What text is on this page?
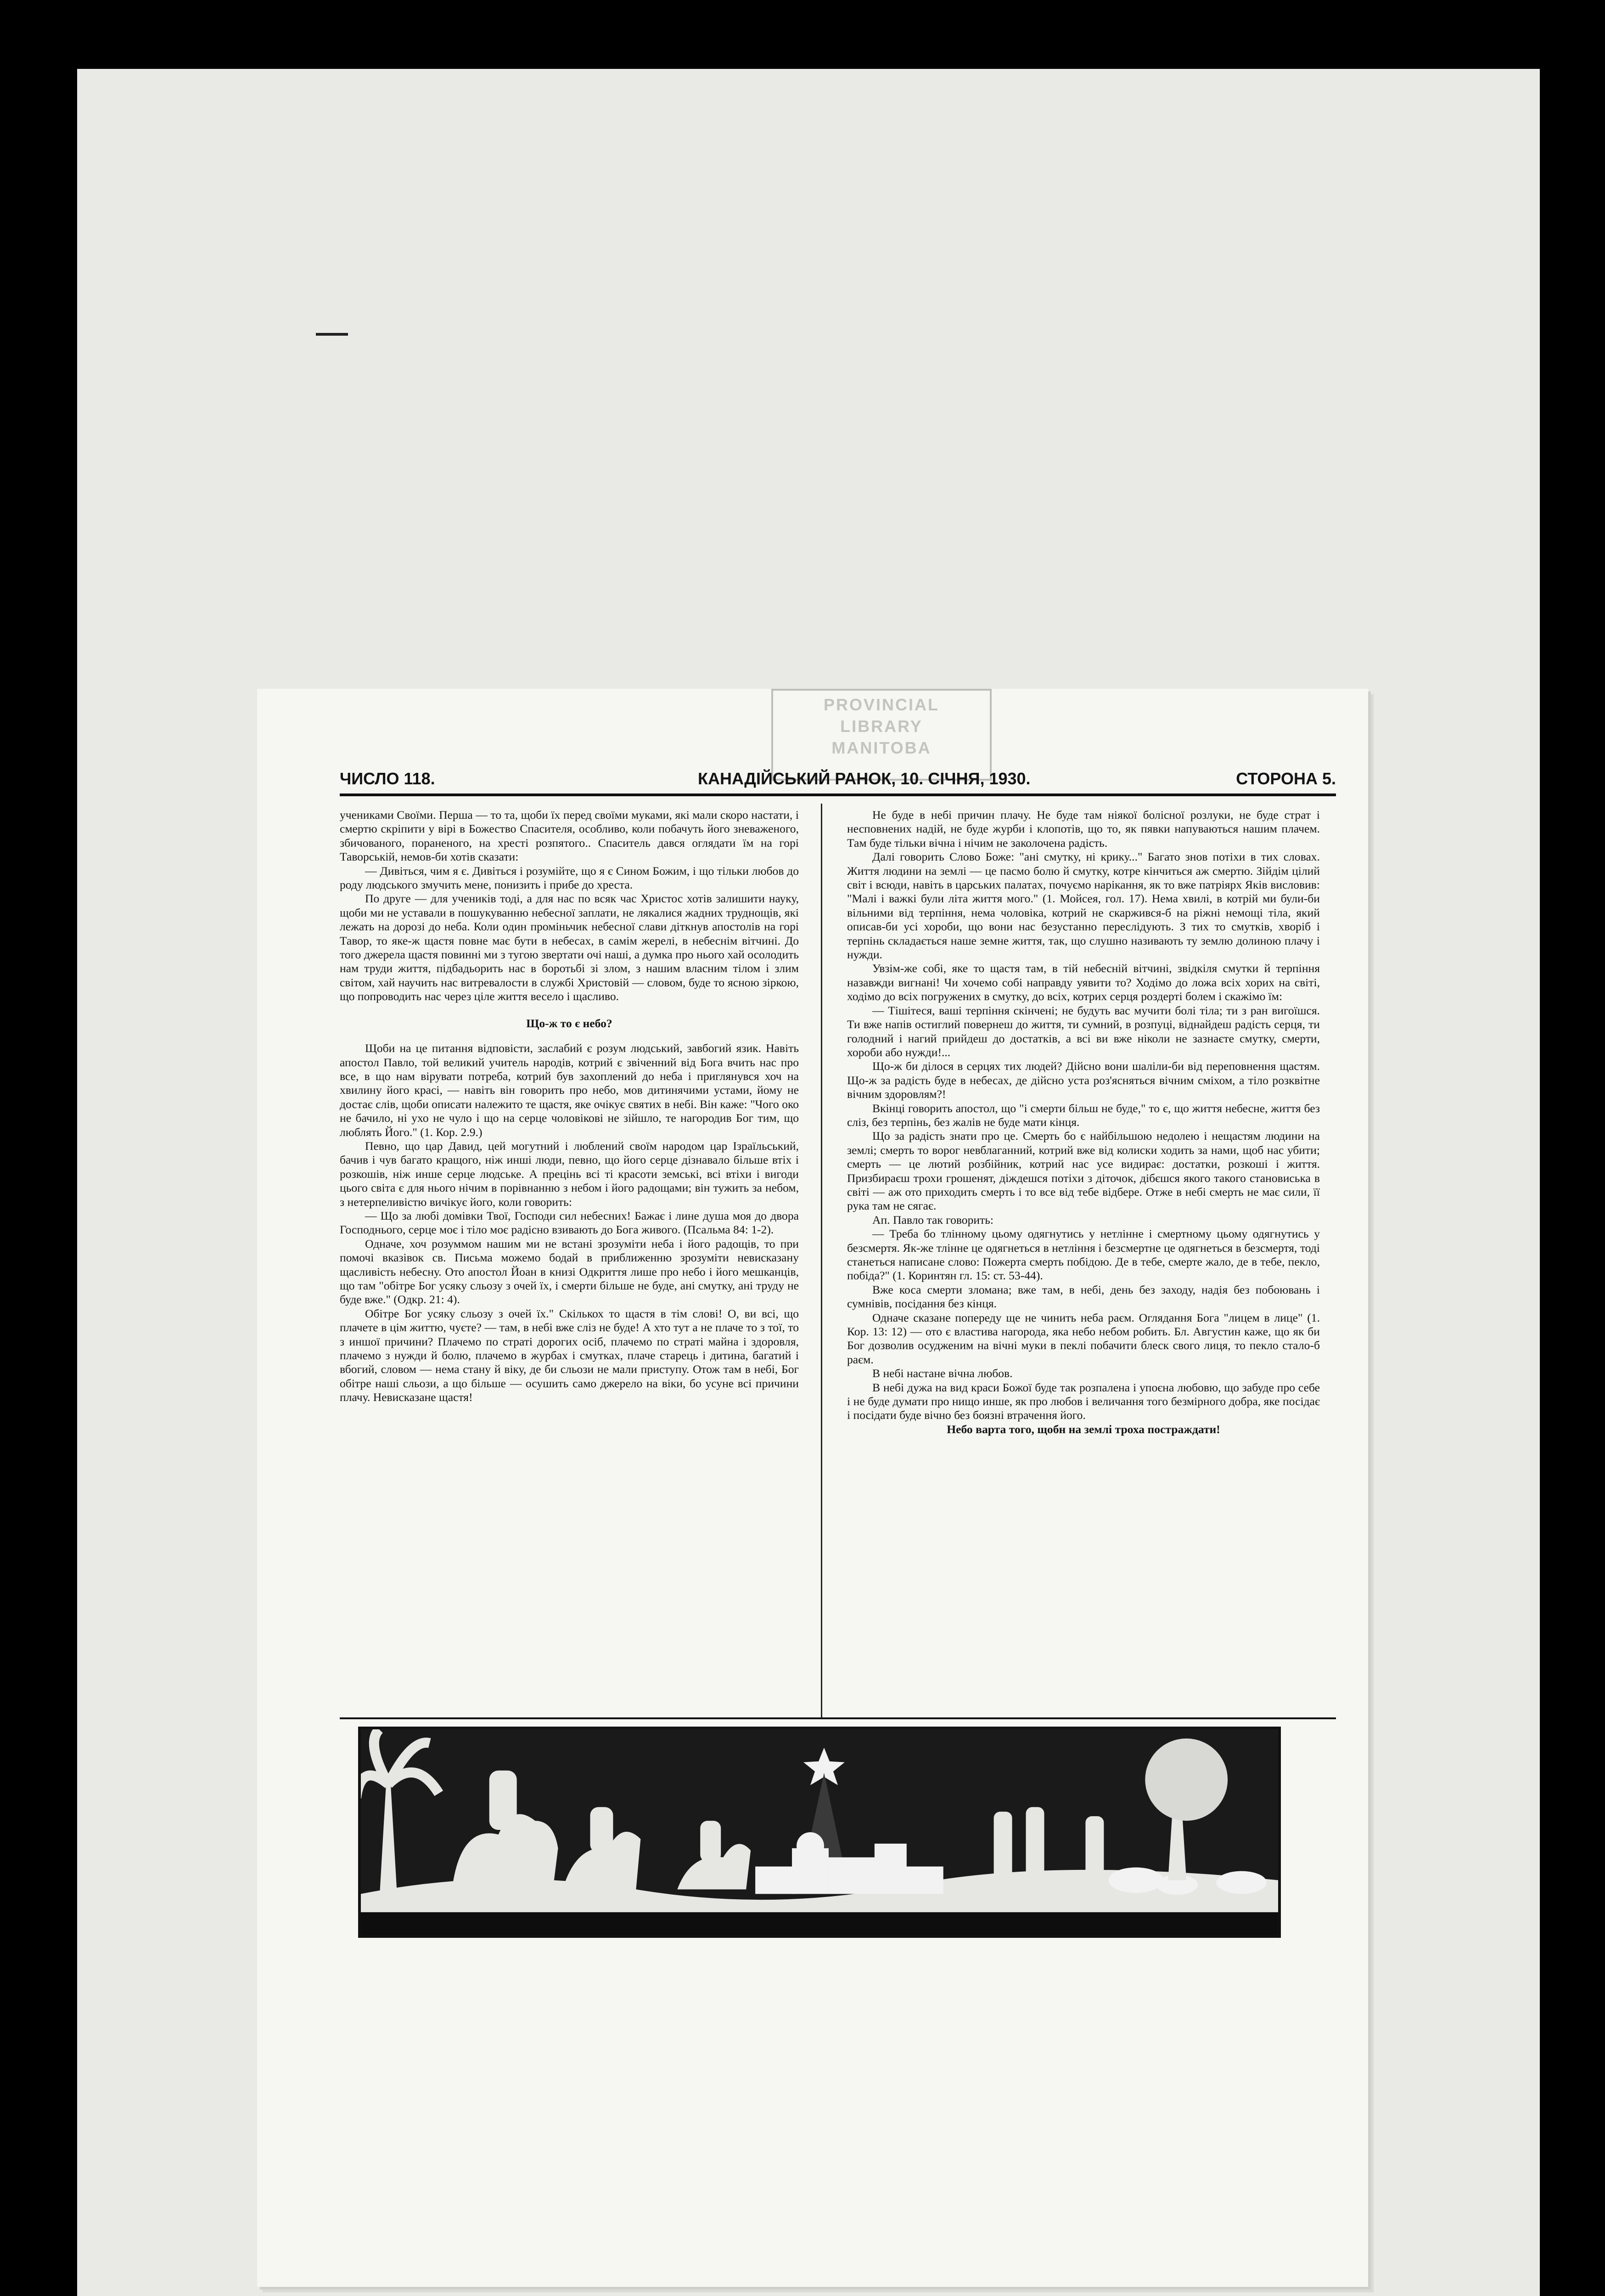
PROVINCIAL
LIBRARY
MANITOBA
ЧИСЛО 118.	КАНАДІЙСЬКИЙ РАНОК, 10. СІЧНЯ, 1930.	СТОРОНА 5.

учениками Своїми. Перша — то та, щоби їх перед своїми муками, які мали скоро настати, і смертю скріпити у вірі в Божество Спасителя, особливо, коли побачуть його зневаженого, збичованого, пораненого, на хресті розпятого.. Спаситель дався оглядати їм на горі Таворській, немов-би хотів сказати:

— Дивіться, чим я є. Дивіться і розумійте, що я є Сином Божим, і що тільки любов до роду людського змучить мене, понизить і прибе до хреста.

По друге — для учеників тоді, а для нас по всяк час Христос хотів залишити науку, щоби ми не уставали в пошукуванню небесної заплати, не лякалися жадних труднощів, які лежать на дорозі до неба. Коли один проміньчик небесної слави діткнув апостолів на горі Тавор, то яке-ж щастя повне має бути в небесах, в самім жерелі, в небеснім вітчині. До того джерела щастя повинні ми з тугою звертати очі наші, а думка про нього хай осолодить нам труди життя, підбадьорить нас в боротьбі зі злом, з нашим власним тілом і злим світом, хай научить нас витревалости в службі Христовій — словом, буде то ясною зіркою, що попроводить нас через ціле життя весело і щасливо.

Що-ж то є небо?

Щоби на це питання відповісти, заслабий є розум людський, завбогий язик. Навіть апостол Павло, той великий учитель народів, котрий є звіченний від Бога вчить нас про все, в що нам вірувати потреба, котрий був захоплений до неба і приглянувся хоч на хвилину його красі, — навіть він говорить про небо, мов дитинячими устами, йому не достає слів, щоби описати належито те щастя, яке очікує святих в небі. Він каже: "Чого око не бачило, ні ухо не чуло і що на серце чоловікові не зійшло, те нагородив Бог тим, що люблять Його." (1. Кор. 2.9.)

Певно, що цар Давид, цей могутний і люблений своїм народом цар Ізраїльський, бачив і чув багато кращого, ніж инші люди, певно, що його серце дізнавало більше втіх і розкошів, ніж инше серце людське. А прецінь всі ті красоти земські, всі втіхи і вигоди цього світа є для нього нічим в порівнанню з небом і його радощами; він тужить за небом, з нетерпеливістю вичікує його, коли говорить:

— Що за любі домівки Твої, Господи сил небесних! Бажає і лине душа моя до двора Господнього, серце моє і тіло моє радісно взивають до Бога живого. (Псальма 84: 1-2).

Одначе, хоч розуммом нашим ми не встані зрозуміти неба і його радощів, то при помочі вказівок св. Письма можемо бодай в приближенню зрозуміти невисказану щасливість небесну. Ото апостол Йоан в книзі Одкриття лише про небо і його мешканців, що там "обітре Бог усяку сльозу з очей їх, і смерти більше не буде, ані смутку, ані труду не буде вже." (Одкр. 21: 4).

Обітре Бог усяку сльозу з очей їх." Скількох то щастя в тім слові! О, ви всі, що плачете в цім життю, чуєте? — там, в небі вже сліз не буде! А хто тут а не плаче то з тої, то з иншої причини? Плачемо по страті дорогих осіб, плачемо по страті майна і здоровля, плачемо з нужди й болю, плачемо в журбах і смутках, плаче старець і дитина, багатий і вбогий, словом — нема стану й віку, де би сльози не мали приступу. Отож там в небі, Бог обітре наші сльози, а що більше — осушить само джерело на віки, бо усуне всі причини плачу. Невисказане щастя!

Не буде в небі причин плачу. Не буде там ніякої болісної розлуки, не буде страт і несповнених надій, не буде журби і клопотів, що то, як пявки напуваються нашим плачем. Там буде тільки вічна і нічим не заколочена радість.

Далі говорить Слово Боже: "ані смутку, ні крику..." Багато знов потіхи в тих словах. Життя людини на землі — це пасмо болю й смутку, котре кінчиться аж смертю. Зійдім цілий світ і всюди, навіть в царських палатах, почуємо нарікання, як то вже патріярх Яків висловив: "Малі і важкі були літа життя мого." (1. Мойсея, гол. 17). Нема хвилі, в котрій ми були-би вільними від терпіння, нема чоловіка, котрий не скаржився-б на ріжні немощі тіла, який описав-би усі хороби, що вони нас безустанно переслідують. З тих то смутків, хворіб і терпінь складається наше земне життя, так, що слушно називають ту землю долиною плачу і нужди.

Увзім-же собі, яке то щастя там, в тій небесній вітчині, звідкіля смутки й терпіння назавжди вигнані! Чи хочемо собі направду уявити то? Ходімо до ложа всіх хорих на світі, ходімо до всіх погружених в смутку, до всіх, котрих серця роздерті болем і скажімо їм:

— Тішітеся, ваші терпіння скінчені; не будуть вас мучити болі тіла; ти з ран вигоїшся. Ти вже напів остиглий повернеш до життя, ти сумний, в розпуці, віднайдеш радість серця, ти голодний і нагий прийдеш до достатків, а всі ви вже ніколи не зазнаєте смутку, смерти, хороби або нужди!...

Що-ж би ділося в серцях тих людей? Дійсно вони шаліли-би від переповнення щастям. Що-ж за радість буде в небесах, де дійсно уста роз'ясняться вічним сміхом, а тіло розквітне вічним здоровлям?!

Вкінці говорить апостол, що "і смерти більш не буде," то є, що життя небесне, життя без сліз, без терпінь, без жалів не буде мати кінця.

Що за радість знати про це. Смерть бо є найбільшою недолею і нещастям людини на землі; смерть то ворог невблаганний, котрий вже від колиски ходить за нами, щоб нас убити; смерть — це лютий розбійник, котрий нас усе видирає: достатки, розкоші і життя. Призбираєш трохи грошенят, діждешся потіхи з діточок, дібєшся якого такого становиська в світі — аж ото приходить смерть і то все від тебе відбере. Отже в небі смерть не має сили, її рука там не сягає.

Ап. Павло так говорить:

— Треба бо тлінному цьому одягнутись у нетлінне і смертному цьому одягнутись у безсмертя. Як-же тлінне це одягнеться в нетління і безсмертне це одягнеться в безсмертя, тоді станеться написане слово: Пожерта смерть побідою. Де в тебе, смерте жало, де в тебе, пекло, побіда?" (1. Коринтян гл. 15: ст. 53-44).

Вже коса смерти зломана; вже там, в небі, день без заходу, надія без побоювань і сумнівів, посідання без кінця.

Одначе сказане попереду ще не чинить неба раєм. Оглядання Бога "лицем в лице" (1. Кор. 13: 12) — ото є властива нагорода, яка небо небом робить. Бл. Августин каже, що як би Бог дозволив осудженим на вічні муки в пеклі побачити блеск свого лиця, то пекло стало-б раєм.

В небі настане вічна любов.

В небі дужа на вид краси Божої буде так розпалена і упоєна любовю, що забуде про себе і не буде думати про нищо инше, як про любов і величання того безмірного добра, яке посідає і посідати буде вічно без боязні втрачення його.

Небо варта того, щобн на землі троха постраждати!
